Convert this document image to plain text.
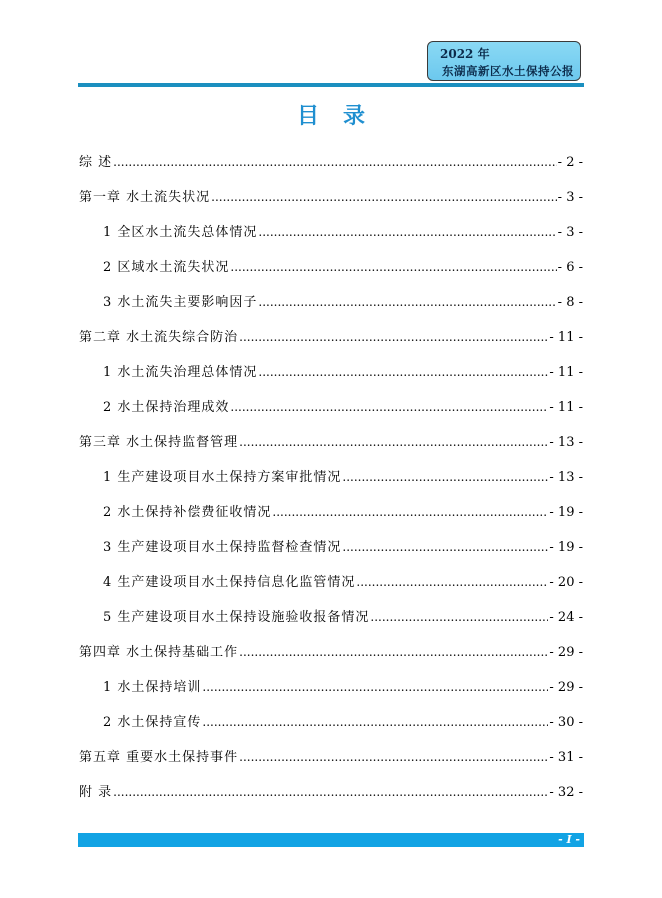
2022 年
东湖高新区水土保持公报
目录
综 述 .....	- 2 -
第一章 水土流失状况 .....	- 3 -
1 全区水土流失总体情况 .....	- 3 -
2 区域水土流失状况 .....	- 6 -
3 水土流失主要影响因子 .....	- 8 -
第二章 水土流失综合防治 .....	- 11 -
1 水土流失治理总体情况 .....	- 11 -
2 水土保持治理成效 .....	- 11 -
第三章 水土保持监督管理 .....	- 13 -
1 生产建设项目水土保持方案审批情况 .....	- 13 -
2 水土保持补偿费征收情况 .....	- 19 -
3 生产建设项目水土保持监督检查情况 .....	- 19 -
4 生产建设项目水土保持信息化监管情况 .....	- 20 -
5 生产建设项目水土保持设施验收报备情况 .....	- 24 -
第四章 水土保持基础工作 .....	- 29 -
1 水土保持培训 .....	- 29 -
2 水土保持宣传 .....	- 30 -
第五章 重要水土保持事件 .....	- 31 -
附 录 .....	- 32 -
- I -
